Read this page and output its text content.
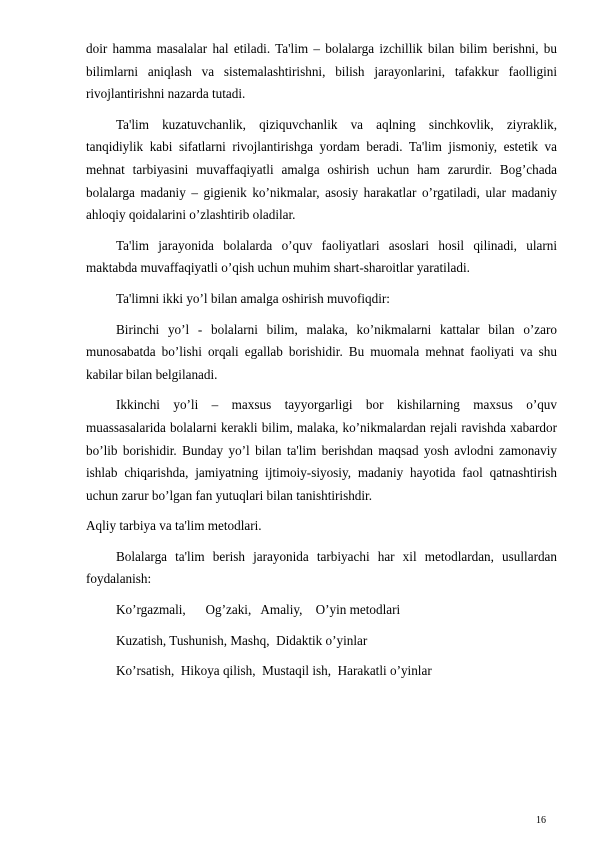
doir hamma masalalar hal etiladi. Ta'lim – bolalarga izchillik bilan bilim berishni, bu bilimlarni aniqlash va sistemalashtirishni, bilish jarayonlarini, tafakkur faolligini rivojlantirishni nazarda tutadi.

Ta'lim kuzatuvchanlik, qiziquvchanlik va aqlning sinchkovlik, ziyraklik, tanqidiylik kabi sifatlarni rivojlantirishga yordam beradi. Ta'lim jismoniy, estetik va mehnat tarbiyasini muvaffaqiyatli amalga oshirish uchun ham zarurdir. Bog’chada bolalarga madaniy – gigienik ko’nikmalar, asosiy harakatlar o’rgatiladi, ular madaniy ahloqiy qoidalarini o’zlashtirib oladilar.

Ta'lim jarayonida bolalarda o’quv faoliyatlari asoslari hosil qilinadi, ularni maktabda muvaffaqiyatli o’qish uchun muhim shart-sharoitlar yaratiladi.

Ta'limni ikki yo’l bilan amalga oshirish muvofiqdir:

Birinchi yo’l - bolalarni bilim, malaka, ko’nikmalarni kattalar bilan o’zaro munosabatda bo’lishi orqali egallab borishidir. Bu muomala mehnat faoliyati va shu kabilar bilan belgilanadi.

Ikkinchi yo’li – maxsus tayyorgarligi bor kishilarning maxsus o’quv muassasalarida bolalarni kerakli bilim, malaka, ko’nikmalardan rejali ravishda xabardor bo’lib borishidir. Bunday yo’l bilan ta'lim berishdan maqsad yosh avlodni zamonaviy ishlab chiqarishda, jamiyatning ijtimoiy-siyosiy, madaniy hayotida faol qatnashtirish uchun zarur bo’lgan fan yutuqlari bilan tanishtirishdir.

Aqliy tarbiya va ta'lim metodlari.

Bolalarga ta'lim berish jarayonida tarbiyachi har xil metodlardan, usullardan foydalanish:

Ko’rgazmali,      Og’zaki,   Amaliy,    O’yin metodlari
Kuzatish, Tushunish, Mashq,  Didaktik o’yinlar
Ko’rsatish,  Hikoya qilish,  Mustaqil ish,  Harakatli o’yinlar
16
